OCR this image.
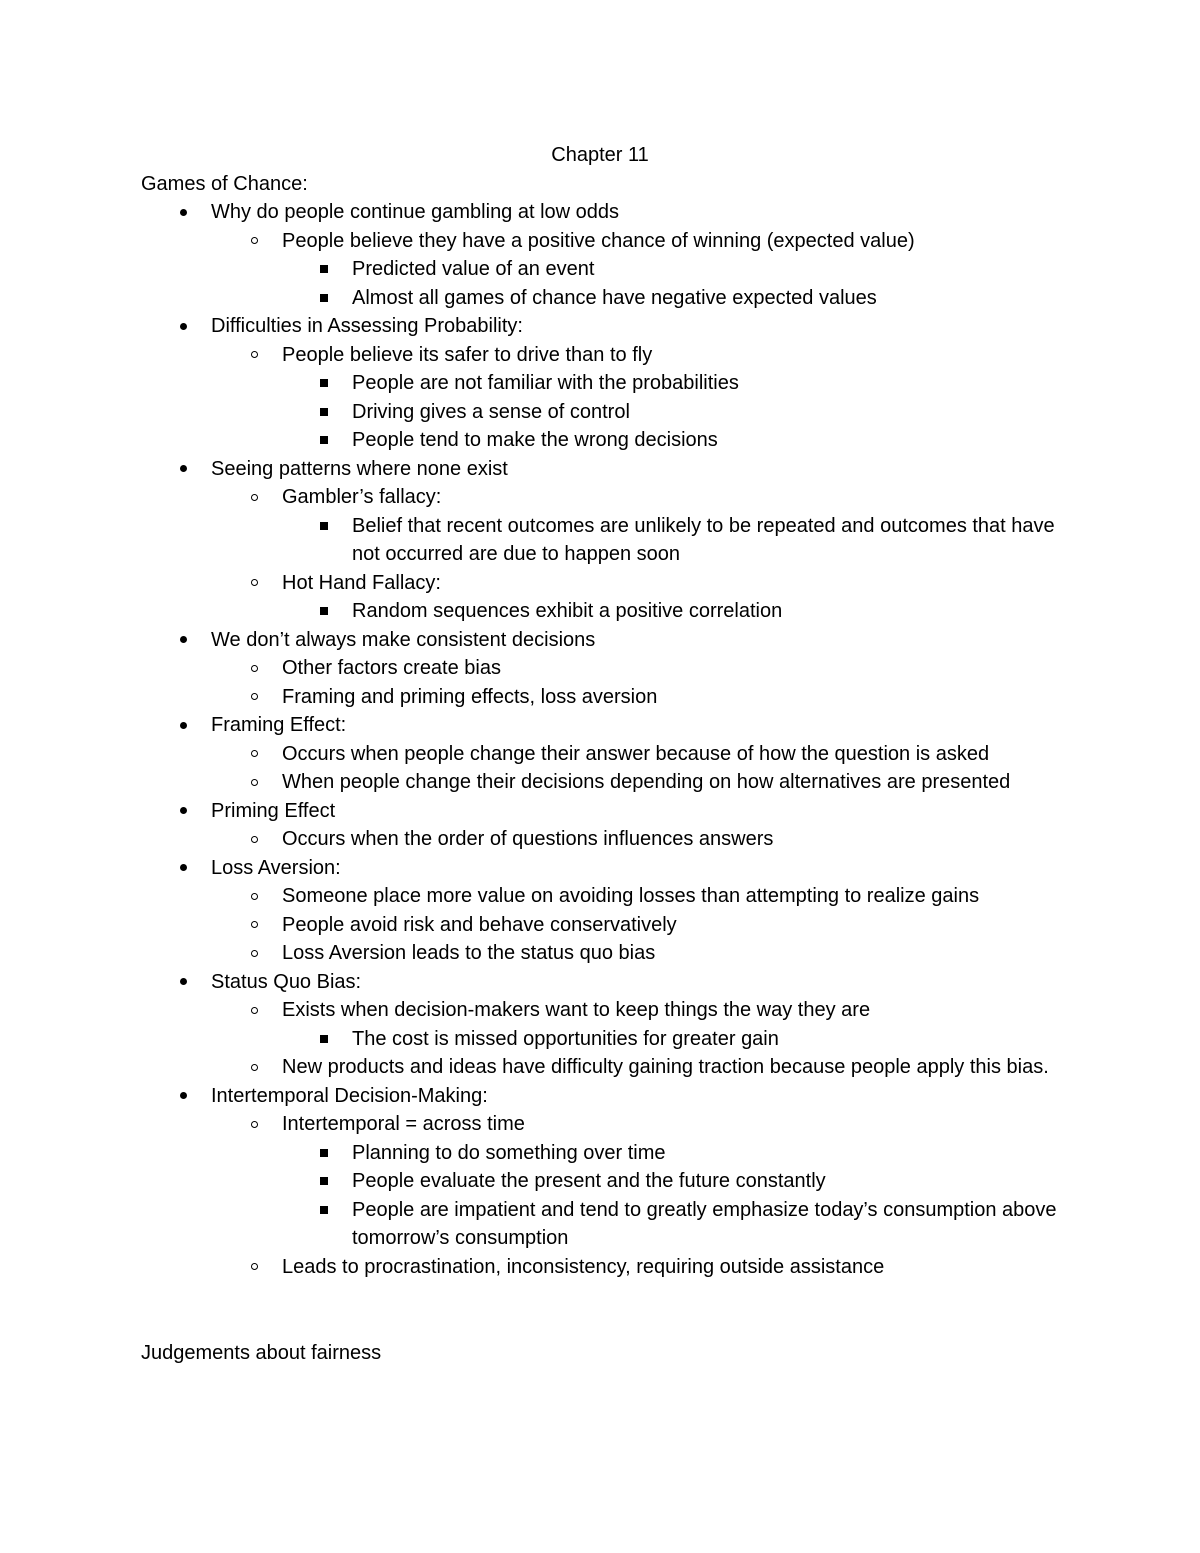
Chapter 11
Games of Chance:
Why do people continue gambling at low odds
People believe they have a positive chance of winning (expected value)
Predicted value of an event
Almost all games of chance have negative expected values
Difficulties in Assessing Probability:
People believe its safer to drive than to fly
People are not familiar with the probabilities
Driving gives a sense of control
People tend to make the wrong decisions
Seeing patterns where none exist
Gambler’s fallacy:
Belief that recent outcomes are unlikely to be repeated and outcomes that have not occurred are due to happen soon
Hot Hand Fallacy:
Random sequences exhibit a positive correlation
We don’t always make consistent decisions
Other factors create bias
Framing and priming effects, loss aversion
Framing Effect:
Occurs when people change their answer because of how the question is asked
When people change their decisions depending on how alternatives are presented
Priming Effect
Occurs when the order of questions influences answers
Loss Aversion:
Someone place more value on avoiding losses than attempting to realize gains
People avoid risk and behave conservatively
Loss Aversion leads to the status quo bias
Status Quo Bias:
Exists when decision-makers want to keep things the way they are
The cost is missed opportunities for greater gain
New products and ideas have difficulty gaining traction because people apply this bias.
Intertemporal Decision-Making:
Intertemporal = across time
Planning to do something over time
People evaluate the present and the future constantly
People are impatient and tend to greatly emphasize today’s consumption above tomorrow’s consumption
Leads to procrastination, inconsistency, requiring outside assistance
Judgements about fairness
